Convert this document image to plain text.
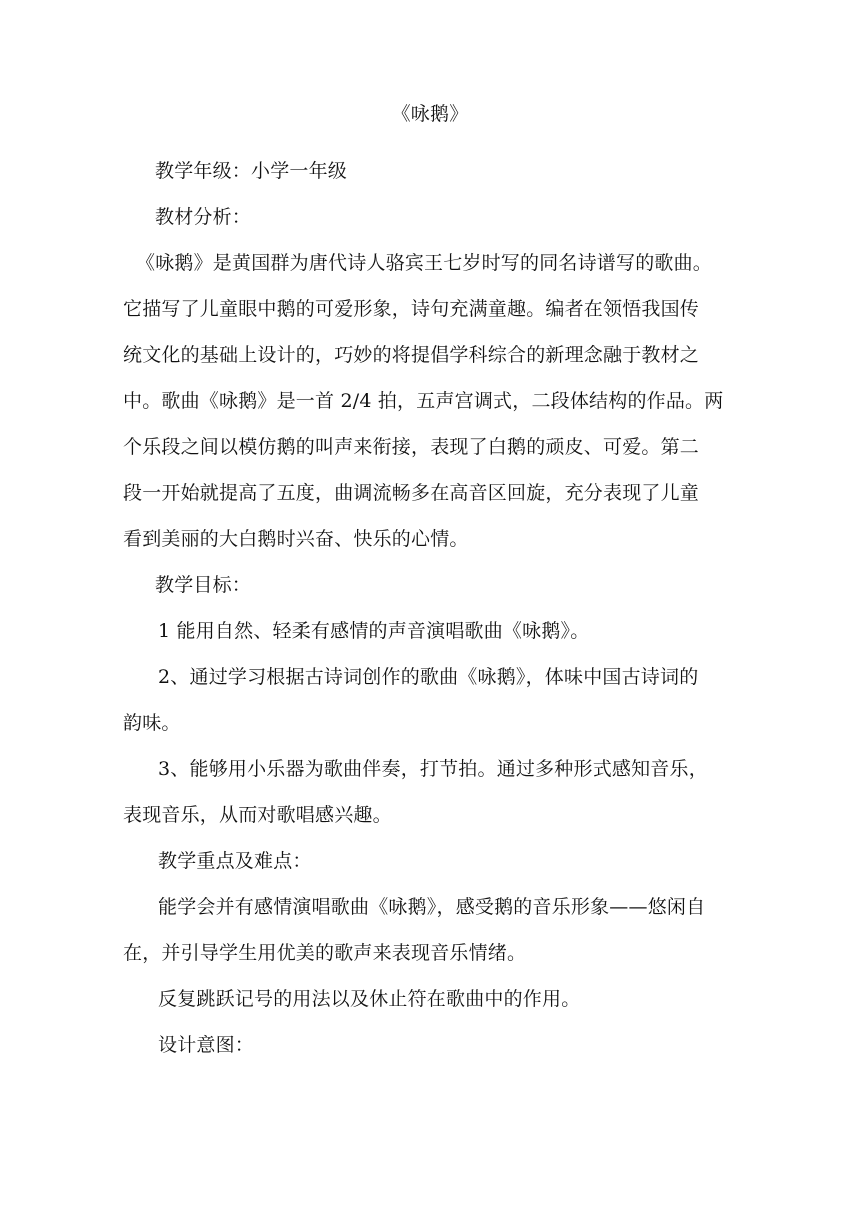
《咏鹅》
教学年级：小学一年级
教材分析：
《咏鹅》是黄国群为唐代诗人骆宾王七岁时写的同名诗谱写的歌曲。
它描写了儿童眼中鹅的可爱形象，诗句充满童趣。编者在领悟我国传
统文化的基础上设计的，巧妙的将提倡学科综合的新理念融于教材之
中。歌曲《咏鹅》是一首 2/4 拍，五声宫调式，二段体结构的作品。两
个乐段之间以模仿鹅的叫声来衔接，表现了白鹅的顽皮、可爱。第二
段一开始就提高了五度，曲调流畅多在高音区回旋，充分表现了儿童
看到美丽的大白鹅时兴奋、快乐的心情。
教学目标：
1 能用自然、轻柔有感情的声音演唱歌曲《咏鹅》。
2、通过学习根据古诗词创作的歌曲《咏鹅》，体味中国古诗词的
韵味。
3、能够用小乐器为歌曲伴奏，打节拍。通过多种形式感知音乐，
表现音乐，从而对歌唱感兴趣。
教学重点及难点：
能学会并有感情演唱歌曲《咏鹅》，感受鹅的音乐形象——悠闲自
在，并引导学生用优美的歌声来表现音乐情绪。
反复跳跃记号的用法以及休止符在歌曲中的作用。
设计意图：
